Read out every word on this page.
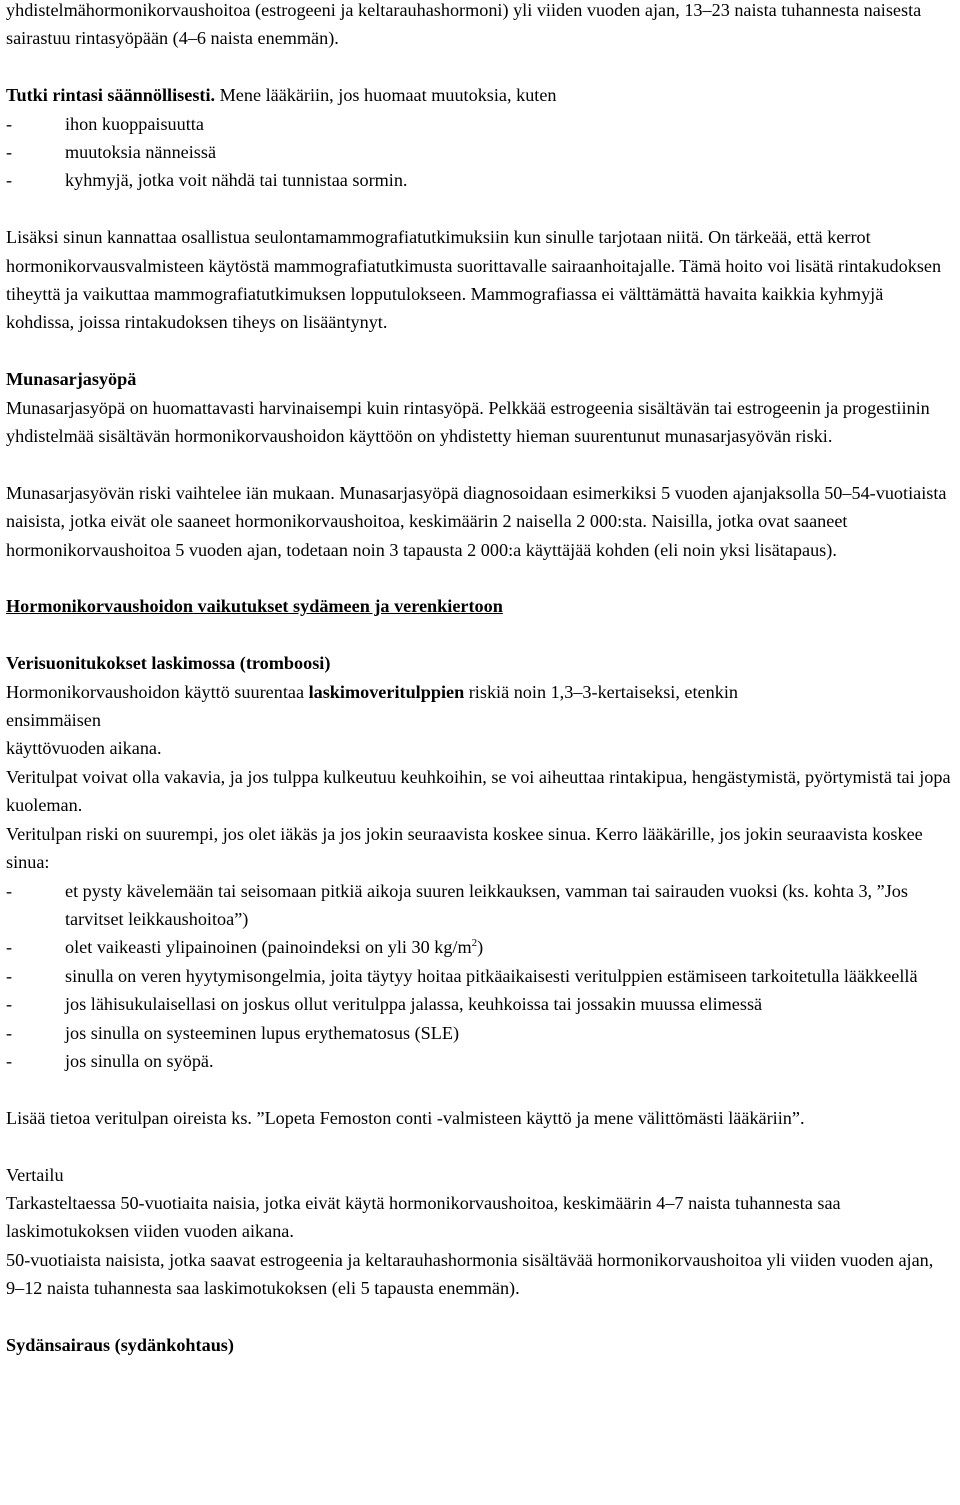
yhdistelmähormonikorvaushoitoa (estrogeeni ja keltarauhashormoni) yli viiden vuoden ajan, 13–23 naista tuhannesta naisesta sairastuu rintasyöpään (4–6 naista enemmän).

Tutki rintasi säännöllisesti. Mene lääkäriin, jos huomaat muutoksia, kuten

-	ihon kuoppaisuutta
-	muutoksia nänneissä
-	kyhmyjä, jotka voit nähdä tai tunnistaa sormin.

Lisäksi sinun kannattaa osallistua seulontamammografiatutkimuksiin kun sinulle tarjotaan niitä. On tärkeää, että kerrot hormonikorvausvalmisteen käytöstä mammografiatutkimusta suorittavalle sairaanhoitajalle. Tämä hoito voi lisätä rintakudoksen tiheyttä ja vaikuttaa mammografiatutkimuksen lopputulokseen. Mammografiassa ei välttämättä havaita kaikkia kyhmyjä kohdissa, joissa rintakudoksen tiheys on lisääntynyt.

Munasarjasyöpä

Munasarjasyöpä on huomattavasti harvinaisempi kuin rintasyöpä. Pelkkää estrogeenia sisältävän tai estrogeenin ja progestiinin yhdistelmää sisältävän hormonikorvaushoidon käyttöön on yhdistetty hieman suurentunut munasarjasyövän riski.

Munasarjasyövän riski vaihtelee iän mukaan. Munasarjasyöpä diagnosoidaan esimerkiksi 5 vuoden ajanjaksolla 50–54-vuotiaista naisista, jotka eivät ole saaneet hormonikorvaushoitoa, keskimäärin 2 naisella 2 000:sta. Naisilla, jotka ovat saaneet hormonikorvaushoitoa 5 vuoden ajan, todetaan noin 3 tapausta 2 000:a käyttäjää kohden (eli noin yksi lisätapaus).

Hormonikorvaushoidon vaikutukset sydämeen ja verenkiertoon

Verisuonitukokset laskimossa (tromboosi)

Hormonikorvaushoidon käyttö suurentaa laskimoveritulppien riskiä noin 1,3–3-kertaiseksi, etenkin

ensimmäisen

käyttövuoden aikana.

Veritulpat voivat olla vakavia, ja jos tulppa kulkeutuu keuhkoihin, se voi aiheuttaa rintakipua, hengästymistä, pyörtymistä tai jopa kuoleman.

Veritulpan riski on suurempi, jos olet iäkäs ja jos jokin seuraavista koskee sinua. Kerro lääkärille, jos jokin seuraavista koskee sinua:

-	et pysty kävelemään tai seisomaan pitkiä aikoja suuren leikkauksen, vamman tai sairauden vuoksi (ks. kohta 3, ”Jos tarvitset leikkaushoitoa”)
-	olet vaikeasti ylipainoinen (painoindeksi on yli 30 $kg/m^2$)
-	sinulla on veren hyytymisongelmia, joita täytyy hoitaa pitkäaikaisesti veritulppien estämiseen tarkoitetulla lääkkeellä
-	jos lähisukulaisellasi on joskus ollut veritulppa jalassa, keuhkoissa tai jossakin muussa elimessä
-	jos sinulla on systeeminen lupus erythematosus (SLE)
-	jos sinulla on syöpä.

Lisää tietoa veritulpan oireista ks. ”Lopeta Femoston conti -valmisteen käyttö ja mene välittömästi lääkäriin”.

Vertailu

Tarkasteltaessa 50-vuotiaita naisia, jotka eivät käytä hormonikorvaushoitoa, keskimäärin 4–7 naista tuhannesta saa laskimotukoksen viiden vuoden aikana.

50-vuotiaista naisista, jotka saavat estrogeenia ja keltarauhashormonia sisältävää hormonikorvaushoitoa yli viiden vuoden ajan, 9–12 naista tuhannesta saa laskimotukoksen (eli 5 tapausta enemmän).

Sydänsairaus (sydänkohtaus)
